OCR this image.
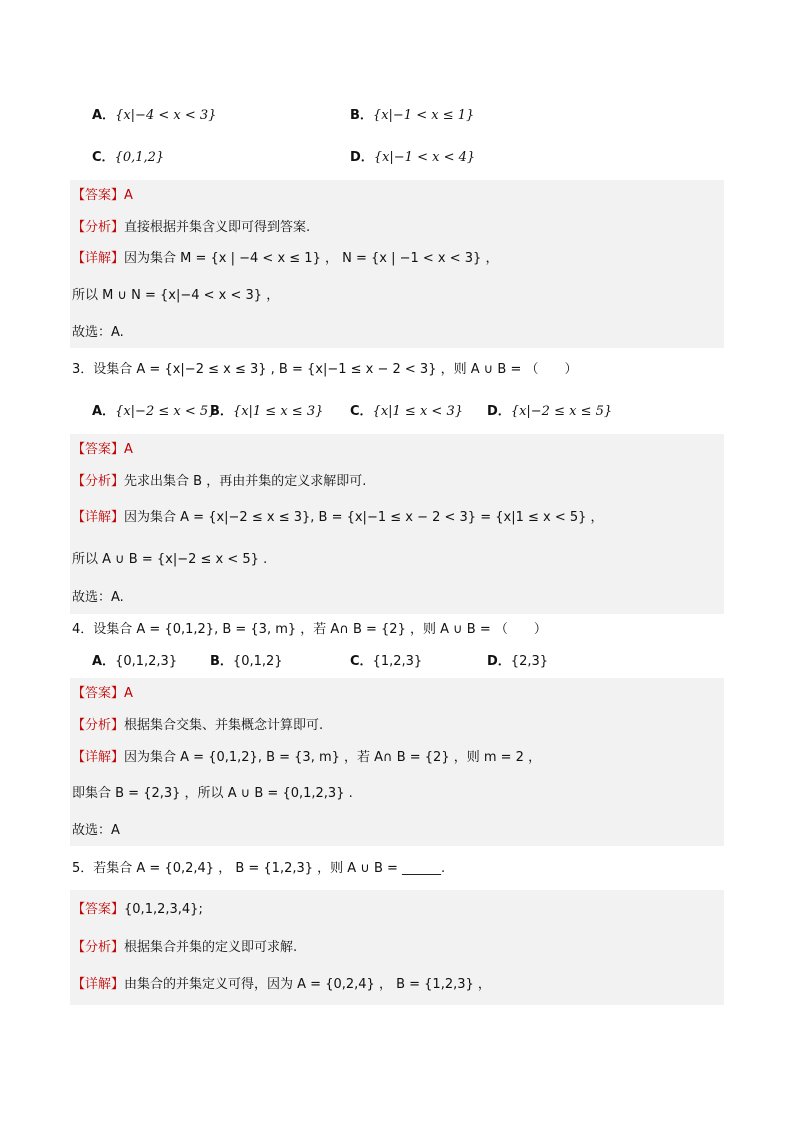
A．{x|−4 < x < 3}	B．{x|−1 < x ≤ 1}
C．{0,1,2}	D．{x|−1 < x < 4}
【答案】A
【分析】直接根据并集含义即可得到答案.
【详解】因为集合 M = {x | −4 < x ≤ 1} ， N = {x | −1 < x < 3} ，
所以 M ∪ N = {x|−4 < x < 3} ，
故选：A.
3．设集合 A = {x|−2 ≤ x ≤ 3} , B = {x|−1 ≤ x − 2 < 3} ，则 A ∪ B = （　　）
A．{x|−2 ≤ x < 5}
B．{x|1 ≤ x ≤ 3} C．{x|1 ≤ x < 3} D．{x|−2 ≤ x ≤ 5}
【答案】A
【分析】先求出集合 B ，再由并集的定义求解即可.
【详解】因为集合 A = {x|−2 ≤ x ≤ 3}, B = {x|−1 ≤ x − 2 < 3} = {x|1 ≤ x < 5} ，
所以 A ∪ B = {x|−2 ≤ x < 5} .
故选：A.
4．设集合 A = {0,1,2}, B = {3, m} ，若 A∩ B = {2} ，则 A ∪ B = （　　）
A．{0,1,2,3}	B．{0,1,2}	C．{1,2,3}	D．{2,3}
【答案】A
【分析】根据集合交集、并集概念计算即可.
【详解】因为集合 A = {0,1,2}, B = {3, m} ，若 A∩ B = {2} ，则 m = 2 ，
即集合 B = {2,3} ，所以 A ∪ B = {0,1,2,3} .
故选：A
5．若集合 A = {0,2,4} ， B = {1,2,3} ，则 A ∪ B = ______.
【答案】{0,1,2,3,4};
【分析】根据集合并集的定义即可求解.
【详解】由集合的并集定义可得，因为 A = {0,2,4} ， B = {1,2,3} ，
